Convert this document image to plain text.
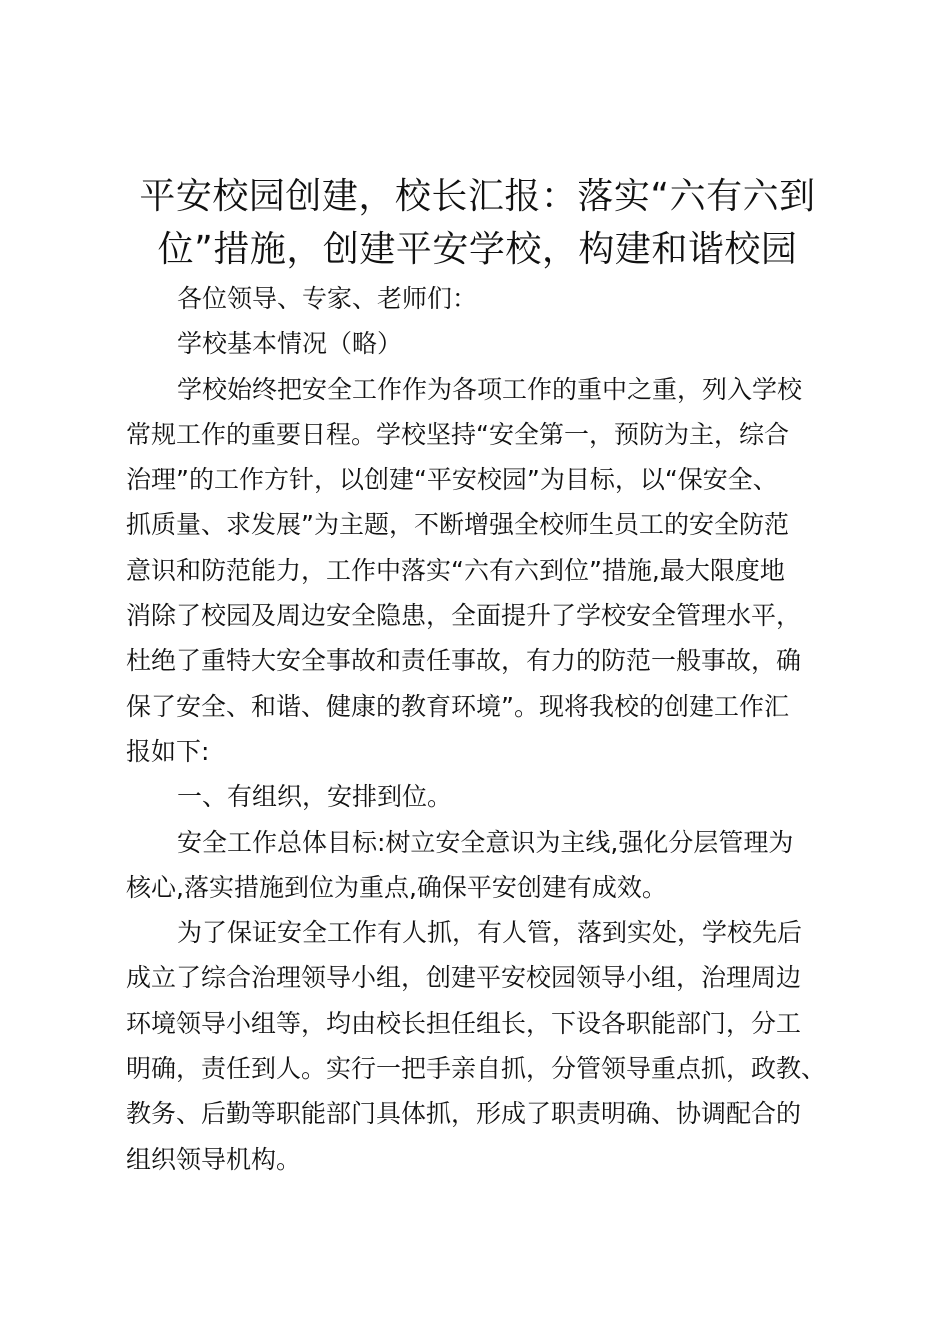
平安校园创建，校长汇报：落实“六有六到
位”措施，创建平安学校，构建和谐校园

各位领导、专家、老师们：

学校基本情况（略）

学校始终把安全工作作为各项工作的重中之重，列入学校
常规工作的重要日程。学校坚持“安全第一，预防为主，综合
治理”的工作方针，以创建“平安校园”为目标，以“保安全、
抓质量、求发展”为主题，不断增强全校师生员工的安全防范
意识和防范能力，工作中落实“六有六到位”措施,最大限度地
消除了校园及周边安全隐患，全面提升了学校安全管理水平，
杜绝了重特大安全事故和责任事故，有力的防范一般事故，确
保了安全、和谐、健康的教育环境”。现将我校的创建工作汇
报如下:

一、有组织，安排到位。

安全工作总体目标:树立安全意识为主线,强化分层管理为
核心,落实措施到位为重点,确保平安创建有成效。

为了保证安全工作有人抓，有人管，落到实处，学校先后
成立了综合治理领导小组，创建平安校园领导小组，治理周边
环境领导小组等，均由校长担任组长，下设各职能部门，分工
明确，责任到人。实行一把手亲自抓，分管领导重点抓，政教、
教务、后勤等职能部门具体抓，形成了职责明确、协调配合的
组织领导机构。
